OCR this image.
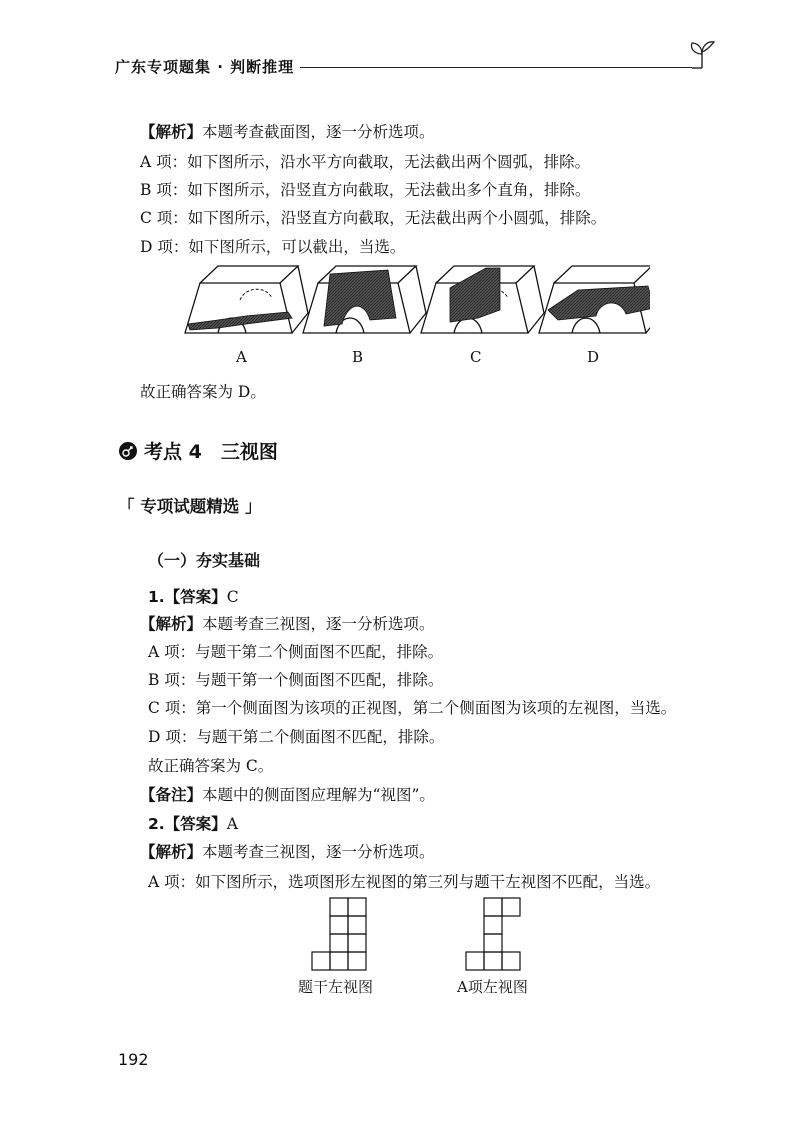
广东专项题集 · 判断推理
【解析】本题考查截面图，逐一分析选项。
A 项：如下图所示，沿水平方向截取，无法截出两个圆弧，排除。
B 项：如下图所示，沿竖直方向截取，无法截出多个直角，排除。
C 项：如下图所示，沿竖直方向截取，无法截出两个小圆弧，排除。
D 项：如下图所示，可以截出，当选。
A	B	C	D
故正确答案为 D。
考点 4　三视图
「 专项试题精选 」
（一）夯实基础
1.【答案】C
【解析】本题考查三视图，逐一分析选项。
A 项：与题干第二个侧面图不匹配，排除。
B 项：与题干第一个侧面图不匹配，排除。
C 项：第一个侧面图为该项的正视图，第二个侧面图为该项的左视图，当选。
D 项：与题干第二个侧面图不匹配，排除。
故正确答案为 C。
【备注】本题中的侧面图应理解为“视图”。
2.【答案】A
【解析】本题考查三视图，逐一分析选项。
A 项：如下图所示，选项图形左视图的第三列与题干左视图不匹配，当选。
题干左视图	A项左视图
192
